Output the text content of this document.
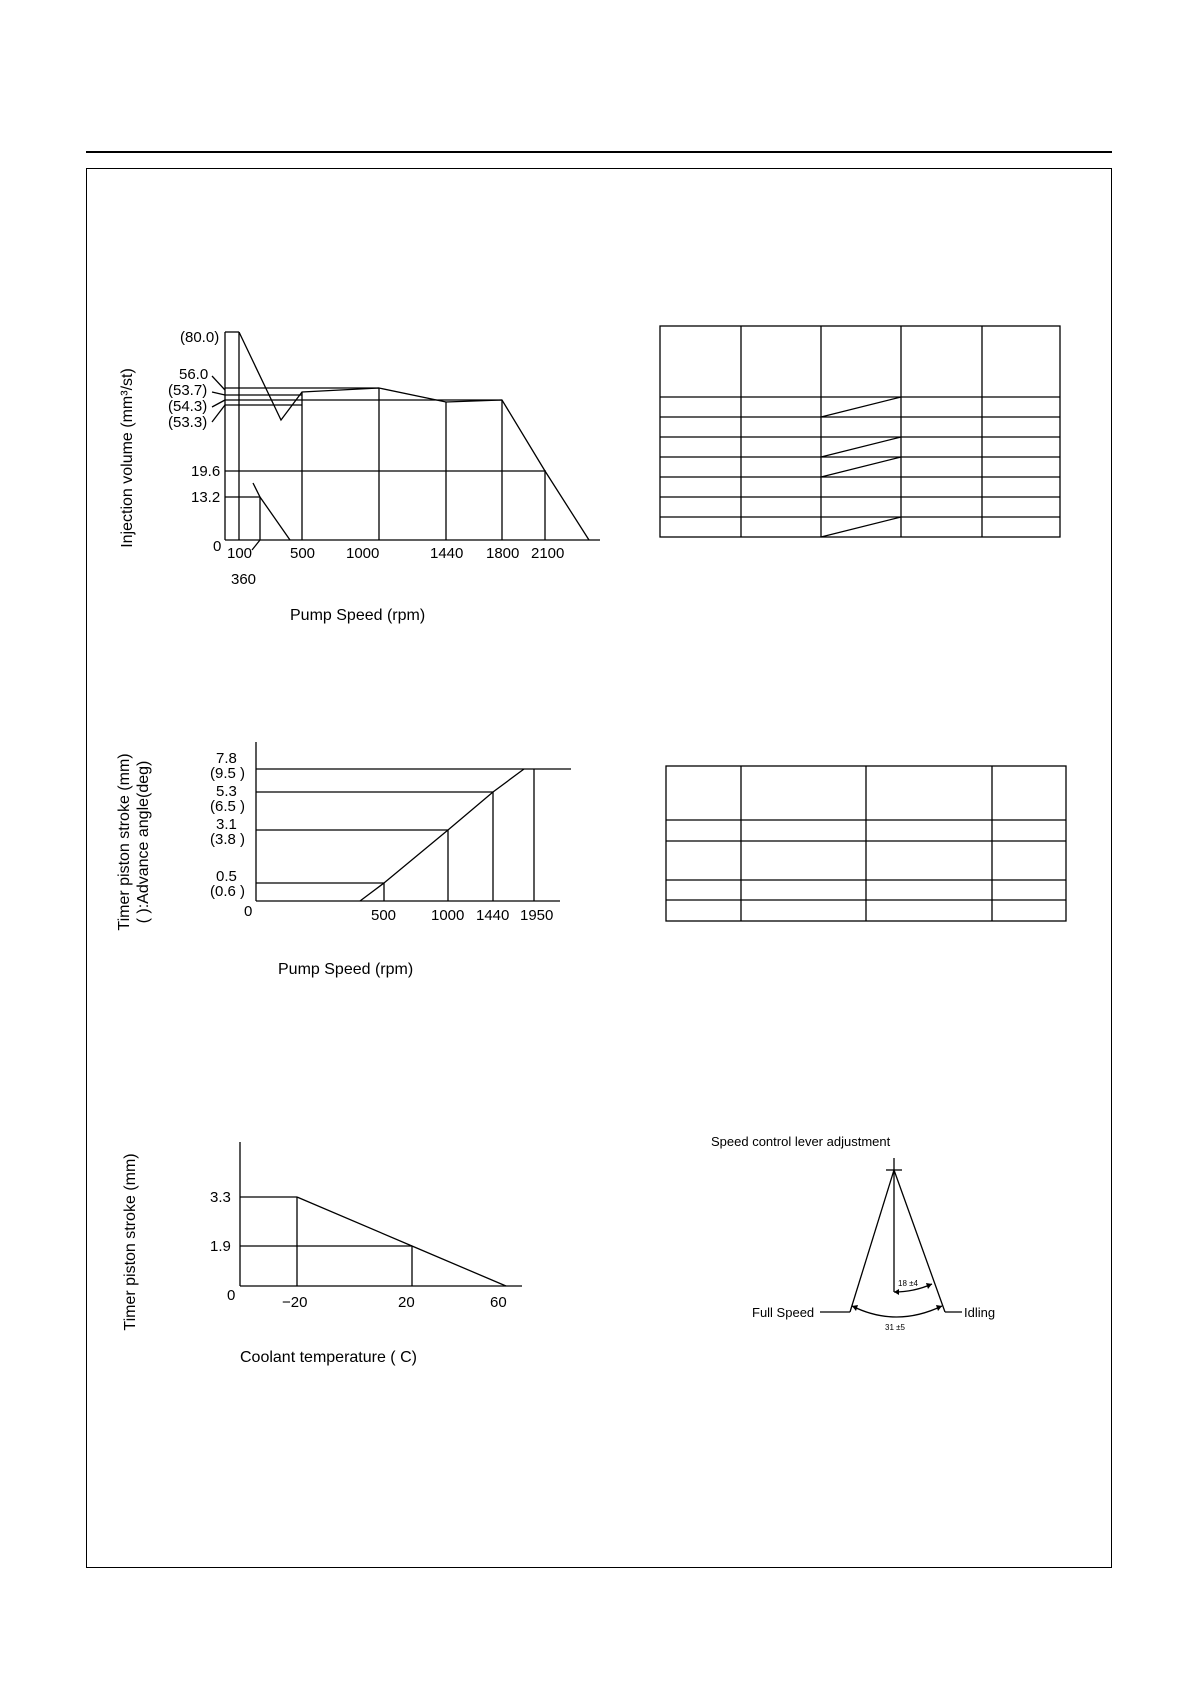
(80.0)
56.0
(53.7)
(54.3)
(53.3)
19.6
13.2
0 100
360
500 1000	1440 1800 2100
Pump Speed (rpm)
Injection volume (mm³/st)
7.8
(9.5 )
5.3
(6.5 )
3.1
(3.8 )
0.5
(0.6 )
0	500 1000 1440 1950
Pump Speed (rpm)
Timer piston stroke (mm) ( ):Advance angle(deg)
3.3
1.9
0	−20	20	60
Coolant temperature ( C)
Timer piston stroke (mm)
Speed control lever adjustment
18 ±4
31 ±5
Full Speed	Idling
